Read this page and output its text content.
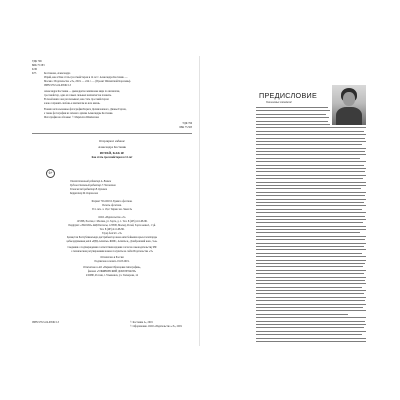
УДК 796

ББК 75.583

К 86

К75	Костюкова, Александра

Игрий, как я! Как стать гроссмейстером в 14 лет / Александра Костеник. —

Москва : Издательство «Э», 2019. — 224 с. — (Проект Шахматной Королевы).

ISBN 978-5-04-095613-3

Александра Костеник — двенадцатая чемпионка мира по шахматам,

гроссмейстер, одна из самых сильных шахматисток планеты.

В своей книге она рассказывает, как стать гроссмейстером

и как сохранить любовь к шахматам на всю жизнь.

В книге использованы фотографии Бориса Долмиловского, Дианы Гарсиа,

а также фотографии из личного архива Александры Костеник.

Фотография на обложке: © Мариэлла Шамхалова

УДК 796

ББК 75.583

Популярное издание

Александра Костеник

6+

ИГРАЙ, КАК Я!

Как стать гроссмейстером в 14 лет

Ответственный редактор А. Волков

Художественный редактор Г. Чеснокова

Технический редактор В. Кулаков

Корректор М. Кириллова

Формат 70x100/16. Бумага офсетная.

Печать офсетная.

Усл. печ. л. 18,2. Тираж экз. Заказ №

ООО «Издательство «Э»

123308, Россия, г. Москва, ул. Зорге, д. 1. Тел. 8 (495) 411-68-86.

Өндіруші: «ЭКСМО» АҚБ Баспасы, 123308, Мәскеу, Ресей, Зорге көшесі, 1 үй.

Тел. 8 (495) 411-68-86.

Тауар белгісі: «Э»

Қазақстан Республикасында дистрибьютор және өнім бойынша арыз-талаптарды

қабылдаушының өкілі «РДЦ-Алматы» ЖШС, Алматы қ., Домбровский көш., 3«а»

Сведения о подтверждении соответствия издания согласно законодательству РФ

о техническом регулировании можно получить на сайте Издательства «Э»

Отпечатано в России

Подписано в печать 19.03.2019.

Отпечатано в АО «Первая Образцовая типография»,

филиал «УЛЬЯНОВСКИЙ ДОМ ПЕЧАТИ»

432980, Россия, г. Ульяновск, ул. Гончарова, 14

ISBN 978-5-04-095613-3	© Костеник А., 2019

© Оформление. ООО «Издательство «Э», 2019

ПРЕДИСЛОВИЕ

Уважаемые читатели!
